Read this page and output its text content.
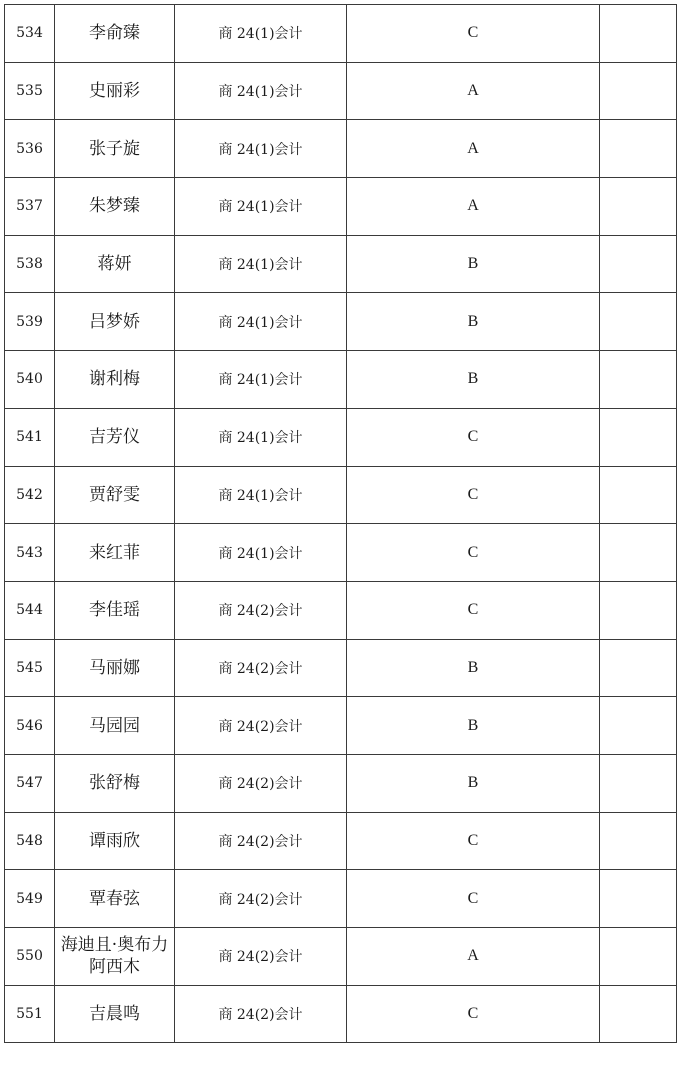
534	李俞臻	商 24(1)会计	C	
535	史丽彩	商 24(1)会计	A	
536	张子旋	商 24(1)会计	A	
537	朱梦臻	商 24(1)会计	A	
538	蒋妍	商 24(1)会计	B	
539	吕梦娇	商 24(1)会计	B	
540	谢利梅	商 24(1)会计	B	
541	吉芳仪	商 24(1)会计	C	
542	贾舒雯	商 24(1)会计	C	
543	来红菲	商 24(1)会计	C	
544	李佳瑶	商 24(2)会计	C	
545	马丽娜	商 24(2)会计	B	
546	马园园	商 24(2)会计	B	
547	张舒梅	商 24(2)会计	B	
548	谭雨欣	商 24(2)会计	C	
549	覃春弦	商 24(2)会计	C	
550	海迪且·奥布力阿西木	商 24(2)会计	A	
551	吉晨鸣	商 24(2)会计	C	
